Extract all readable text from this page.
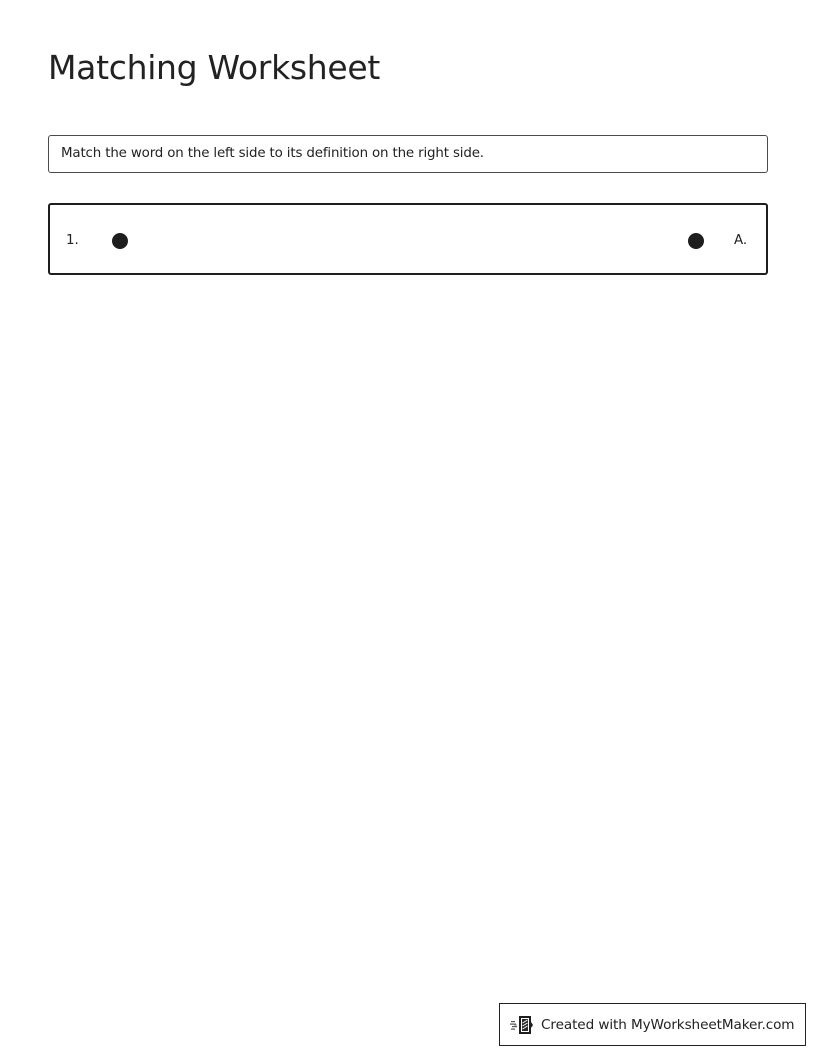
Matching Worksheet
Match the word on the left side to its definition on the right side.
1.	A.
Created with MyWorksheetMaker.com
